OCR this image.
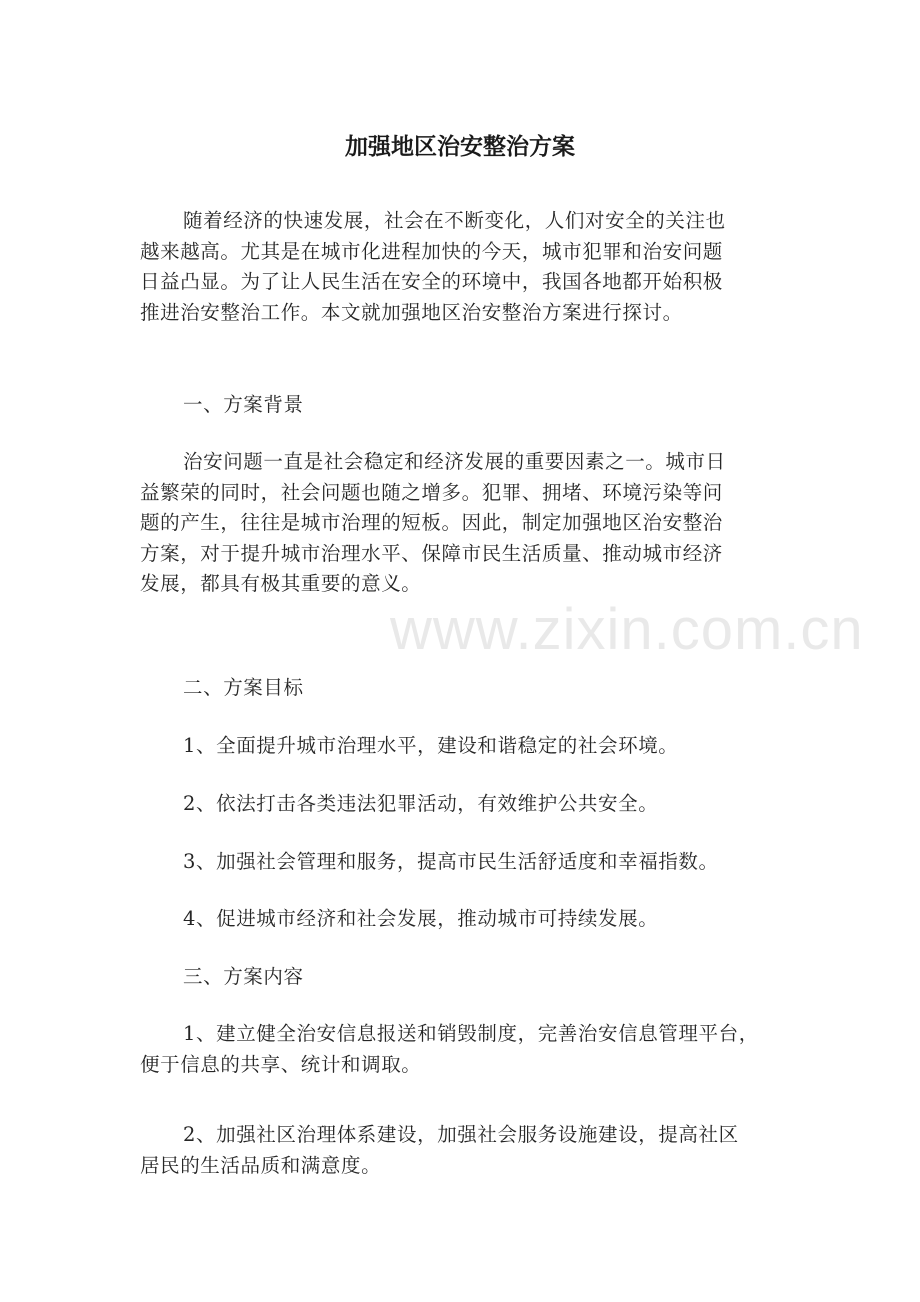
加强地区治安整治方案
随着经济的快速发展，社会在不断变化，人们对安全的关注也
越来越高。尤其是在城市化进程加快的今天，城市犯罪和治安问题
日益凸显。为了让人民生活在安全的环境中，我国各地都开始积极
推进治安整治工作。本文就加强地区治安整治方案进行探讨。
一、方案背景
治安问题一直是社会稳定和经济发展的重要因素之一。城市日
益繁荣的同时，社会问题也随之增多。犯罪、拥堵、环境污染等问
题的产生，往往是城市治理的短板。因此，制定加强地区治安整治
方案，对于提升城市治理水平、保障市民生活质量、推动城市经济
发展，都具有极其重要的意义。
二、方案目标
1、全面提升城市治理水平，建设和谐稳定的社会环境。
2、依法打击各类违法犯罪活动，有效维护公共安全。
3、加强社会管理和服务，提高市民生活舒适度和幸福指数。
4、促进城市经济和社会发展，推动城市可持续发展。
三、方案内容
1、建立健全治安信息报送和销毁制度，完善治安信息管理平台，
便于信息的共享、统计和调取。
2、加强社区治理体系建设，加强社会服务设施建设，提高社区
居民的生活品质和满意度。
www.zixin.com.cn
